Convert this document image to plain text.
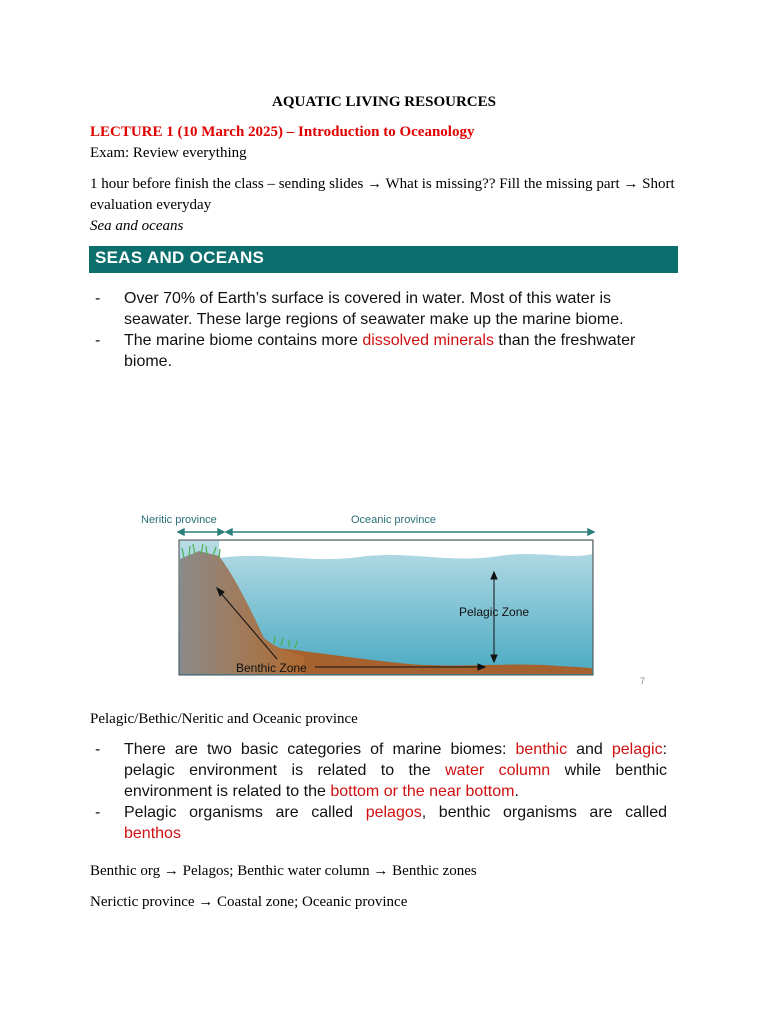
AQUATIC LIVING RESOURCES
LECTURE 1 (10 March 2025) – Introduction to Oceanology
Exam: Review everything
1 hour before finish the class – sending slides → What is missing?? Fill the missing part → Short
evaluation everyday
Sea and oceans
SEAS AND OCEANS
- Over 70% of Earth’s surface is covered in water. Most of this water is
seawater. These large regions of seawater make up the marine biome.
- The marine biome contains more dissolved minerals than the freshwater
biome.
Neritic province	Oceanic province
Pelagic Zone
Benthic Zone
7
Pelagic/Bethic/Neritic and Oceanic province
- There are two basic categories of marine biomes: benthic and pelagic:
pelagic environment is related to the water column while benthic
environment is related to the bottom or the near bottom.
- Pelagic organisms are called pelagos, benthic organisms are called
benthos
Benthic org → Pelagos; Benthic water column → Benthic zones
Nerictic province → Coastal zone; Oceanic province
